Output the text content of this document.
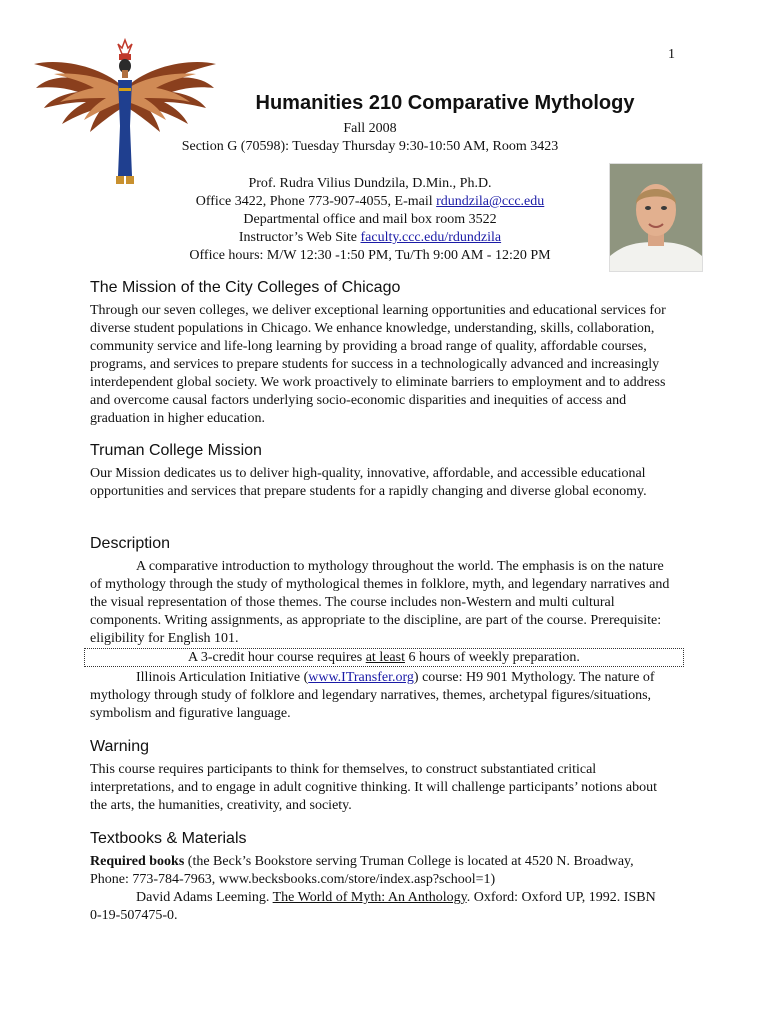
1
Humanities 210 Comparative Mythology
Fall 2008
Section G (70598): Tuesday Thursday 9:30-10:50 AM, Room 3423
Prof. Rudra Vilius Dundzila, D.Min., Ph.D.
Office 3422, Phone 773-907-4055, E-mail rdundzila@ccc.edu
Departmental office and mail box room 3522
Instructor’s Web Site faculty.ccc.edu/rdundzila
Office hours: M/W 12:30 -1:50 PM, Tu/Th 9:00 AM - 12:20 PM
The Mission of the City Colleges of Chicago

Through our seven colleges, we deliver exceptional learning opportunities and educational services for diverse student populations in Chicago. We enhance knowledge, understanding, skills, collaboration, community service and life-long learning by providing a broad range of quality, affordable courses, programs, and services to prepare students for success in a technologically advanced and increasingly interdependent global society. We work proactively to eliminate barriers to employment and to address and overcome causal factors underlying socio-economic disparities and inequities of access and graduation in higher education.

Truman College Mission

Our Mission dedicates us to deliver high-quality, innovative, affordable, and accessible educational opportunities and services that prepare students for a rapidly changing and diverse global economy.

Description

A comparative introduction to mythology throughout the world. The emphasis is on the nature of mythology through the study of mythological themes in folklore, myth, and legendary narratives and the visual representation of those themes. The course includes non-Western and multi cultural components. Writing assignments, as appropriate to the discipline, are part of the course. Prerequisite: eligibility for English 101.

A 3-credit hour course requires at least 6 hours of weekly preparation.

Illinois Articulation Initiative (www.ITransfer.org) course: H9 901 Mythology. The nature of mythology through study of folklore and legendary narratives, themes, archetypal figures/situations, symbolism and figurative language.

Warning

This course requires participants to think for themselves, to construct substantiated critical interpretations, and to engage in adult cognitive thinking. It will challenge participants’ notions about the arts, the humanities, creativity, and society.

Textbooks & Materials

Required books (the Beck’s Bookstore serving Truman College is located at 4520 N. Broadway, Phone: 773-784-7963, www.becksbooks.com/store/index.asp?school=1)

David Adams Leeming. The World of Myth: An Anthology. Oxford: Oxford UP, 1992. ISBN 0-19-507475-0.
